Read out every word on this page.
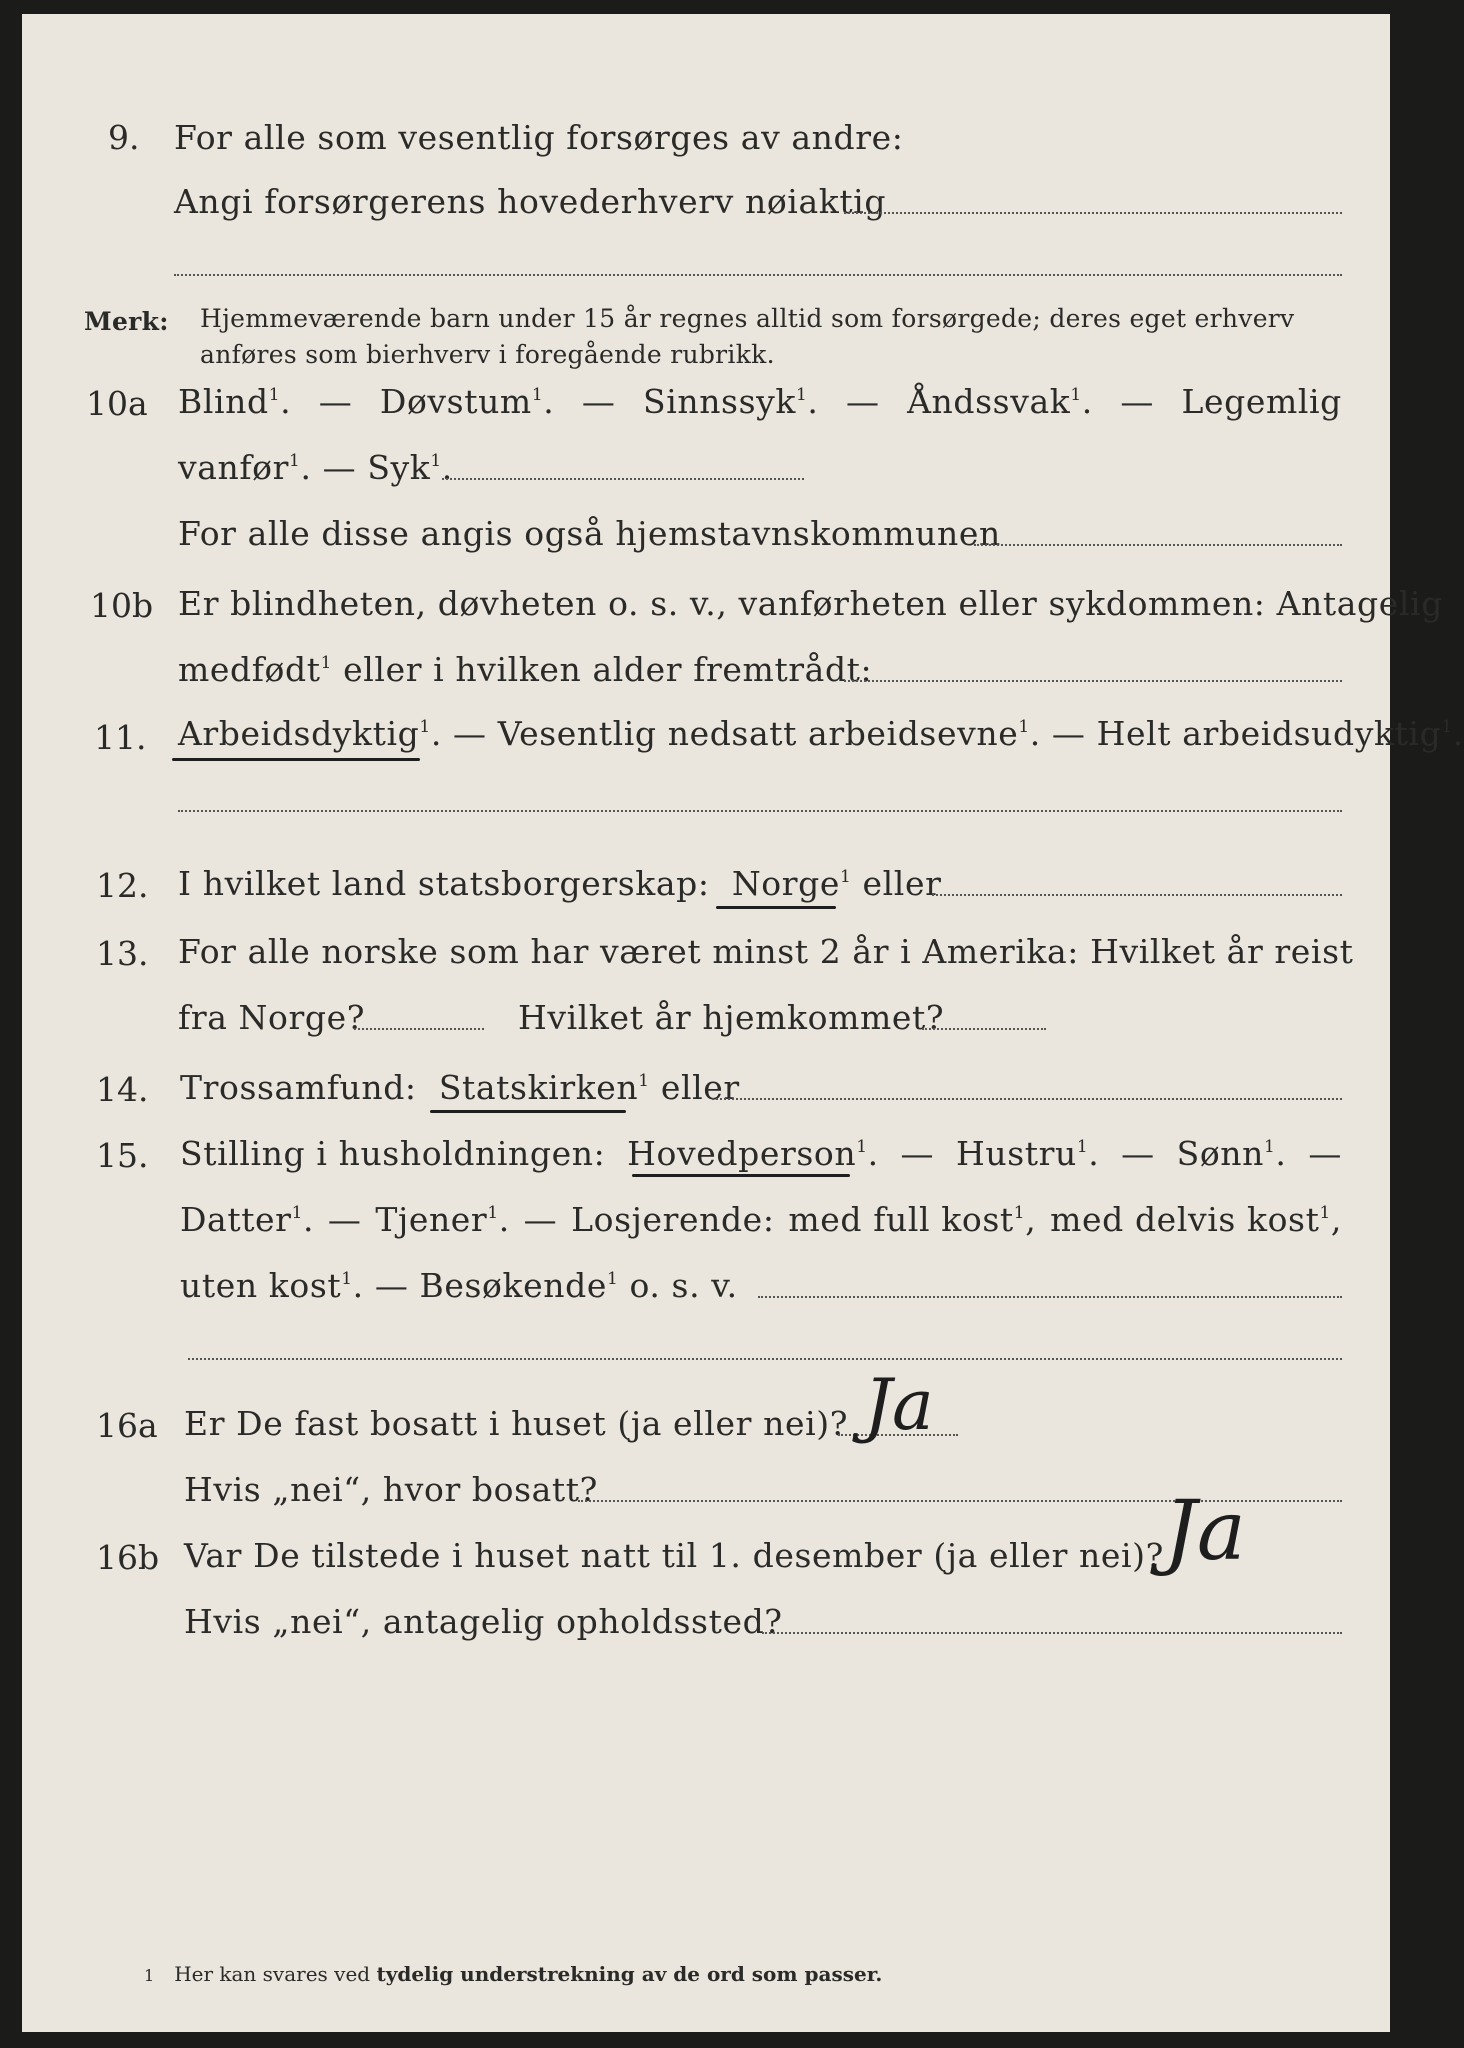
9. For alle som vesentlig forsørges av andre:
Angi forsørgerens hovederhverv nøiaktig
Merk: Hjemmeværende barn under 15 år regnes alltid som forsørgede; deres eget erhverv
anføres som bierhverv i foregående rubrikk.
10a Blind$^1$. — Døvstum$^1$. — Sinnssyk$^1$. — Åndssvak$^1$. — Legemlig
vanfør$^1$. — Syk$^1$.
For alle disse angis også hjemstavnskommunen
10b Er blindheten, døvheten o. s. v., vanførheten eller sykdommen: Antagelig
medfødt$^1$ eller i hvilken alder fremtrådt:
11. Arbeidsdyktig$^1$. — Vesentlig nedsatt arbeidsevne$^1$. — Helt arbeidsudyktig$^1$.
12. I hvilket land statsborgerskap: Norge$^1$ eller
13. For alle norske som har været minst 2 år i Amerika: Hvilket år reist
fra Norge?	Hvilket år hjemkommet?
14. Trossamfund: Statskirken$^1$ eller
15. Stilling i husholdningen: Hovedperson$^1$. — Hustru$^1$. — Sønn$^1$. —
Datter$^1$. — Tjener$^1$. — Losjerende: med full kost$^1$, med delvis kost$^1$,
uten kost$^1$. — Besøkende$^1$ o. s. v.
16a Er De fast bosatt i huset (ja eller nei)? Ja
Hvis „nei“, hvor bosatt?
16b Var De tilstede i huset natt til 1. desember (ja eller nei)? Ja
Hvis „nei“, antagelig opholdssted?
1 Her kan svares ved tydelig understrekning av de ord som passer.
